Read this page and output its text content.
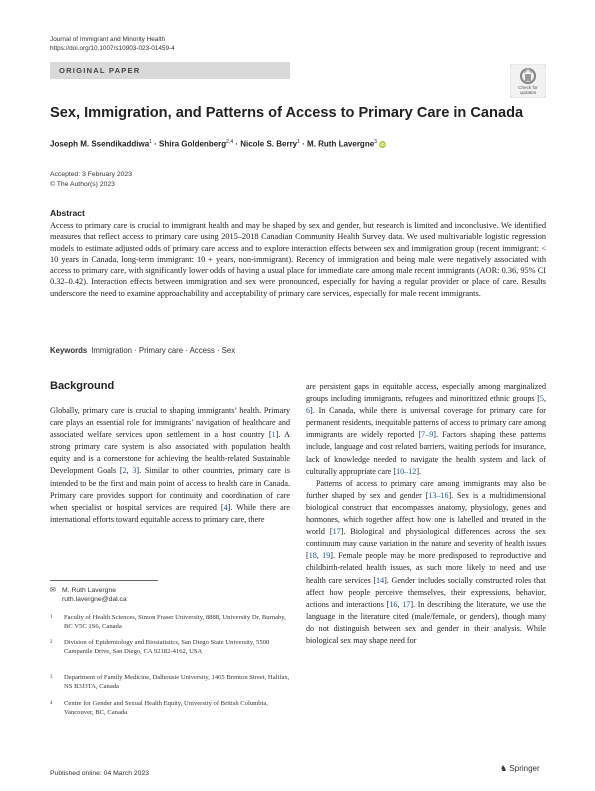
Journal of Immigrant and Minority Health
https://doi.org/10.1007/s10903-023-01459-4
ORIGINAL PAPER
Check for
updates
Sex, Immigration, and Patterns of Access to Primary Care in Canada
Joseph M. Ssendikaddiwa$^1$ · Shira Goldenberg$^{2,4}$ · Nicole S. Berry$^1$ · M. Ruth Lavergne$^3$ iD
Accepted: 3 February 2023
© The Author(s) 2023
Abstract
Access to primary care is crucial to immigrant health and may be shaped by sex and gender, but research is limited and inconclusive. We identified measures that reflect access to primary care using 2015–2018 Canadian Community Health Survey data. We used multivariable logistic regression models to estimate adjusted odds of primary care access and to explore interaction effects between sex and immigration group (recent immigrant: < 10 years in Canada, long-term immigrant: 10 + years, non-immigrant). Recency of immigration and being male were negatively associated with access to primary care, with significantly lower odds of having a usual place for immediate care among male recent immigrants (AOR: 0.36, 95% CI 0.32–0.42). Interaction effects between immigration and sex were pronounced, especially for having a regular provider or place of care. Results underscore the need to examine approachability and acceptability of primary care services, especially for male recent immigrants.
Keywords Immigration · Primary care · Access · Sex
Background

Globally, primary care is crucial to shaping immigrants’ health. Primary care plays an essential role for immigrants’ navigation of healthcare and associated welfare services upon settlement in a host country [1]. A strong primary care system is also associated with population health equity and is a cornerstone for achieving the health-related Sustainable Development Goals [2, 3]. Similar to other countries, primary care is intended to be the first and main point of access to health care in Canada. Primary care provides support for continuity and coordination of care when specialist or hospital services are required [4]. While there are international efforts toward equitable access to primary care, there

are persistent gaps in equitable access, especially among marginalized groups including immigrants, refugees and minoritized ethnic groups [5, 6]. In Canada, while there is universal coverage for primary care for permanent residents, inequitable patterns of access to primary care among immigrants are widely reported [7–9]. Factors shaping these patterns include, language and cost related barriers, waiting periods for insurance, lack of knowledge needed to navigate the health system and lack of culturally appropriate care [10–12].

Patterns of access to primary care among immigrants may also be further shaped by sex and gender [13–16]. Sex is a multidimensional biological construct that encompasses anatomy, physiology, genes and hormones, which together affect how one is labelled and treated in the world [17]. Biological and physiological differences across the sex continuum may cause variation in the nature and severity of health issues [18, 19]. Female people may be more predisposed to reproductive and childbirth-related health issues, as such more likely to need and use health care services [14]. Gender includes socially constructed roles that affect how people perceive themselves, their expressions, behavior, actions and interactions [16, 17]. In describing the literature, we use the language in the literature cited (male/female, or genders), though many do not distinguish between sex and gender in their analysis. While biological sex may shape need for

✉ M. Ruth Lavergne
ruth.lavergne@dal.ca
1 Faculty of Health Sciences, Simon Fraser University, 8888, University Dr, Burnaby, BC V5C 1S6, Canada
2 Division of Epidemiology and Biostatistics, San Diego State University, 5500 Campanile Drive, San Diego, CA 92182-4162, USA
3 Department of Family Medicine, Dalhousie University, 1465 Brenton Street, Halifax, NS B3J3TA, Canada
4 Centre for Gender and Sexual Health Equity, University of British Columbia, Vancouver, BC, Canada
Published online: 04 March 2023
♞ Springer
